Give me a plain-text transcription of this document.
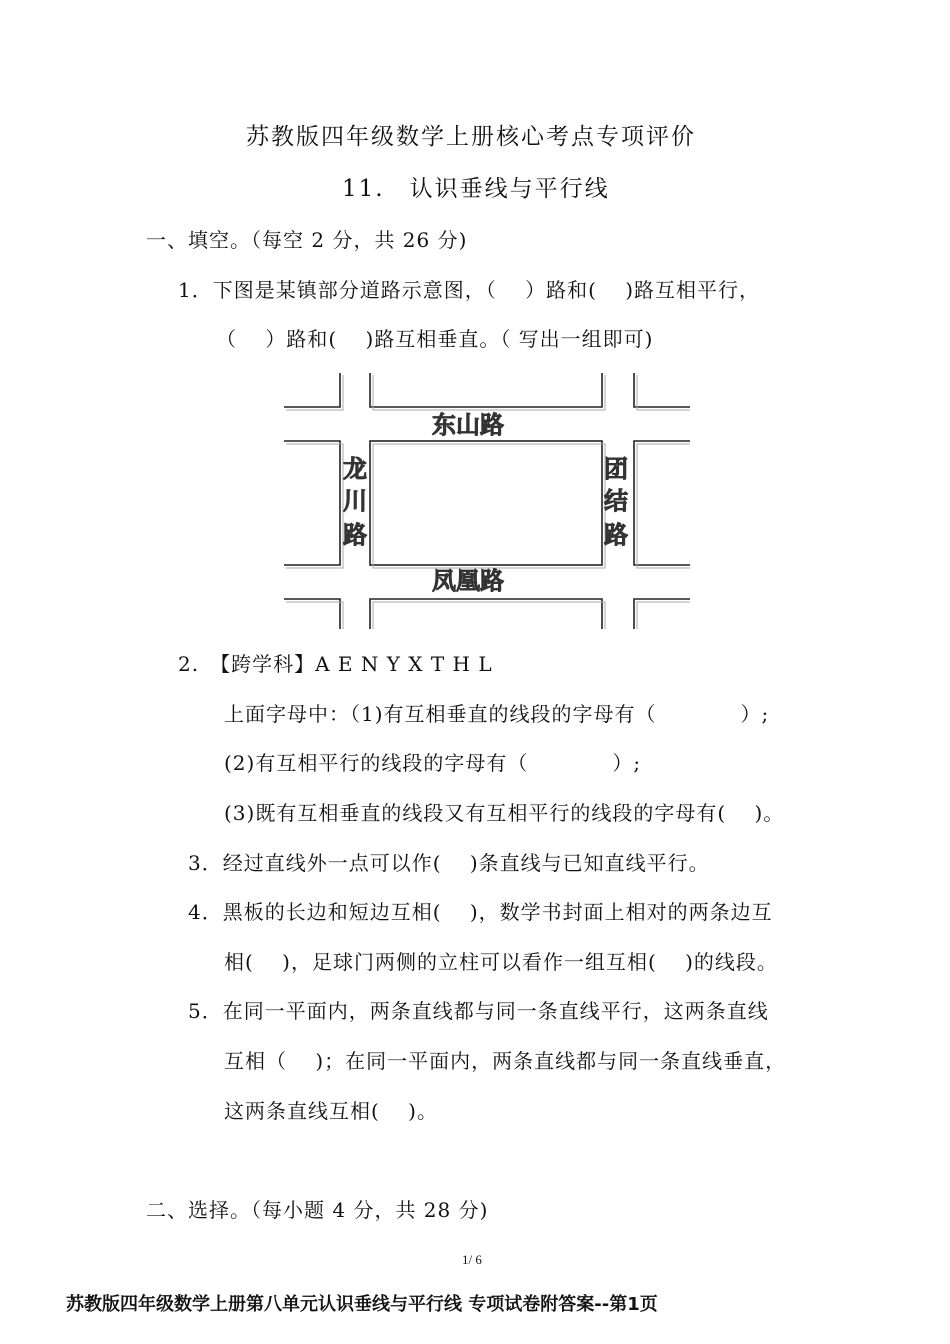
苏教版四年级数学上册核心考点专项评价
11.　认识垂线与平行线
一、填空。（每空 2 分，共 26 分)
1．下图是某镇部分道路示意图，（　 ）路和(　 )路互相平行，
（　 ）路和(　 )路互相垂直。（ 写出一组即可)
东山路
凤凰路
龙
川
路
团
结
路
2.　【跨学科】A E N Y X T H L
上面字母中：（1)有互相垂直的线段的字母有（　　　　）;
(2)有互相平行的线段的字母有（　　　　）;
(3)既有互相垂直的线段又有互相平行的线段的字母有(　 )。
3．经过直线外一点可以作(　 )条直线与已知直线平行。
4．黑板的长边和短边互相(　 )，数学书封面上相对的两条边互
相(　 )，足球门两侧的立柱可以看作一组互相(　 )的线段。
5．在同一平面内，两条直线都与同一条直线平行，这两条直线
互相（　 )；在同一平面内，两条直线都与同一条直线垂直，
这两条直线互相(　 )。
二、选择。（每小题 4 分，共 28 分)
1/ 6
苏教版四年级数学上册第八单元认识垂线与平行线 专项试卷附答案--第1页
